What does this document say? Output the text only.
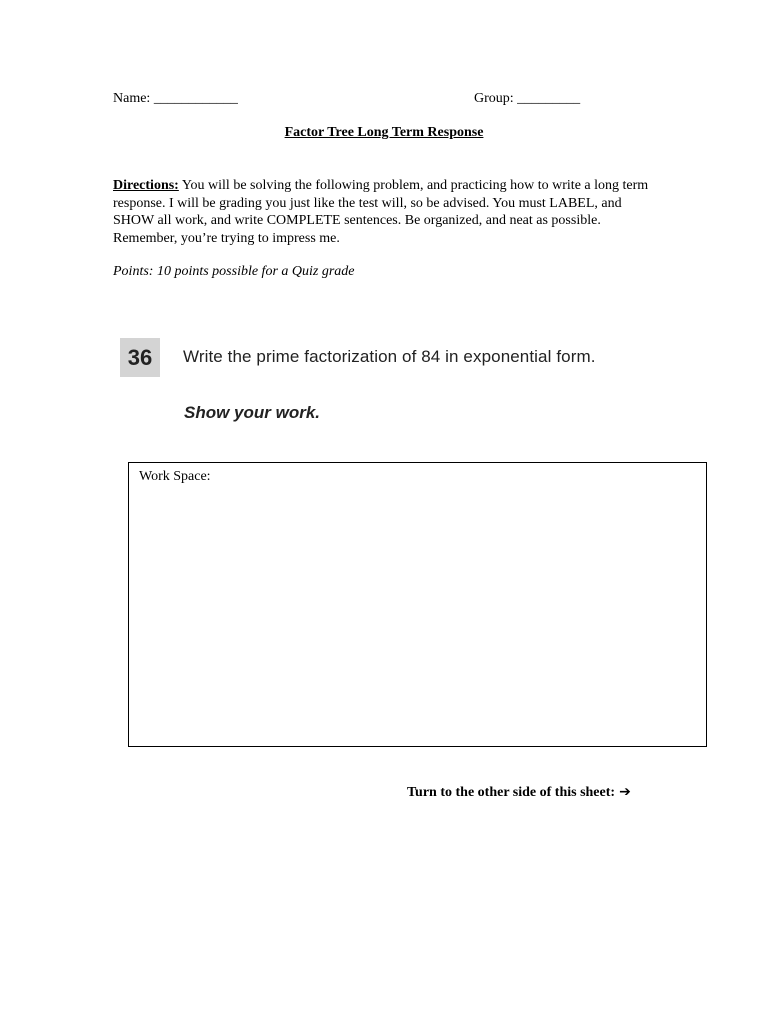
Name: ____________	Group: _________
Factor Tree Long Term Response
Directions: You will be solving the following problem, and practicing how to write a long term response. I will be grading you just like the test will, so be advised. You must LABEL, and SHOW all work, and write COMPLETE sentences. Be organized, and neat as possible. Remember, you’re trying to impress me.
Points: 10 points possible for a Quiz grade
36	Write the prime factorization of 84 in exponential form.
Show your work.
Work Space:
Turn to the other side of this sheet: ➔
